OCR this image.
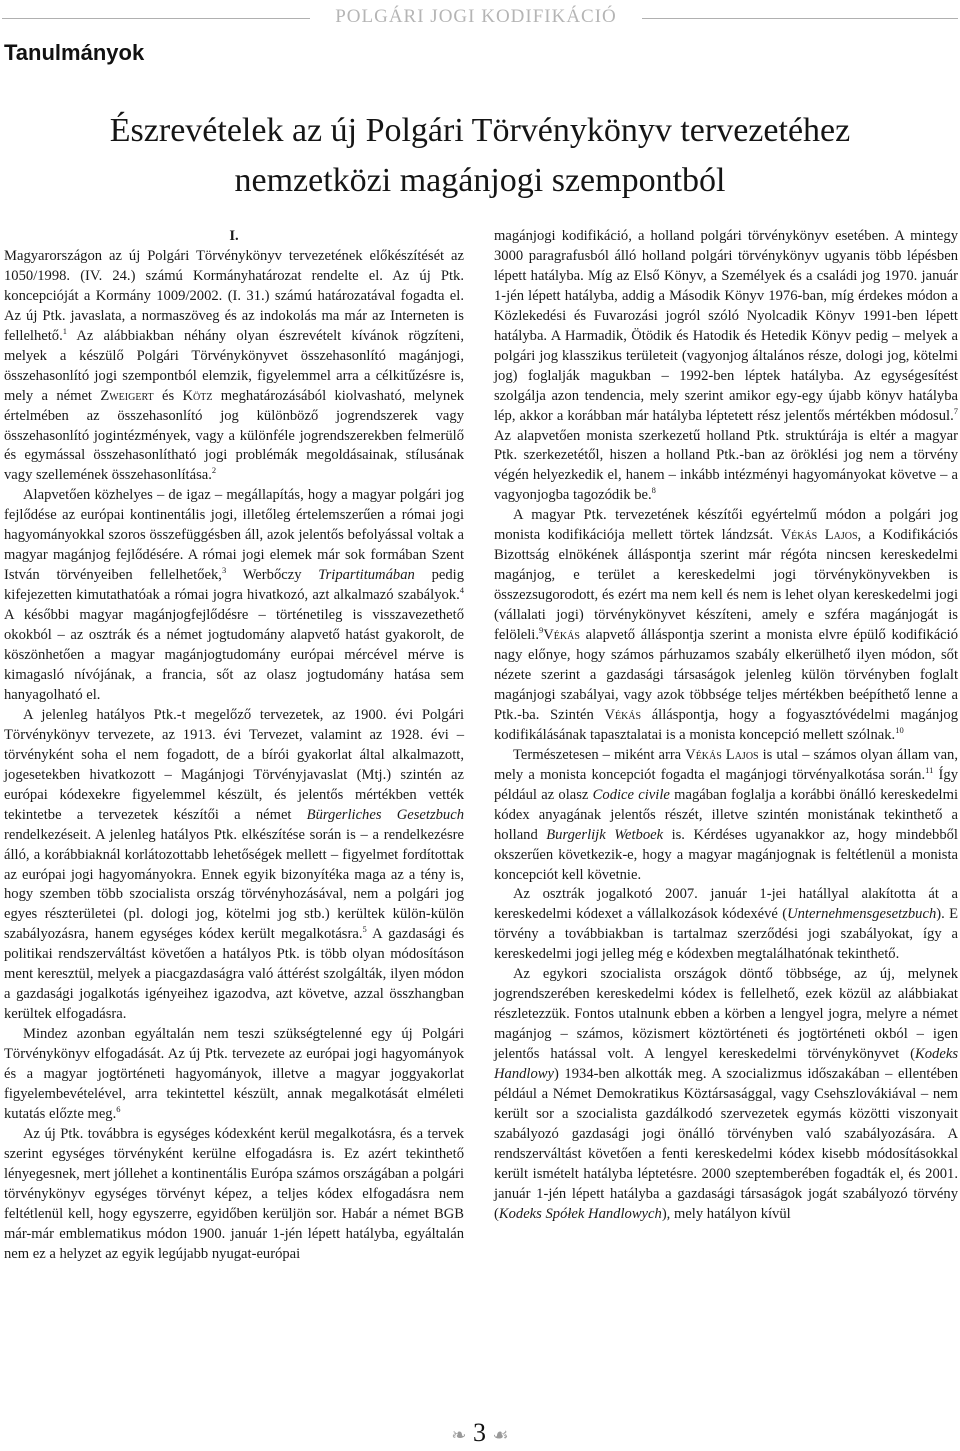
POLGÁRI JOGI KODIFIKÁCIÓ
Tanulmányok
Észrevételek az új Polgári Törvénykönyv tervezetéhez
nemzetközi magánjogi szempontból

I.

Magyarországon az új Polgári Törvénykönyv tervezetének előkészítését az 1050/1998. (IV. 24.) számú Kormányhatározat rendelte el. Az új Ptk. koncepcióját a Kormány 1009/2002. (I. 31.) számú határozatával fogadta el. Az új Ptk. javaslata, a normaszöveg és az indokolás ma már az Interneten is fellelhető.$^1$ Az alábbiakban néhány olyan észrevételt kívánok rögzíteni, melyek a készülő Polgári Törvénykönyvet összehasonlító magánjogi, összehasonlító jogi szempontból elemzik, figyelemmel arra a célkitűzésre is, mely a német Zweigert és Kötz meghatározásából kiolvasható, melynek értelmében az összehasonlító jog különböző jogrendszerek vagy összehasonlító jogintézmények, vagy a különféle jogrendszerekben felmerülő és egymással összehasonlítható jogi problémák megoldásainak, stílusának vagy szellemének összehasonlítása.$^2$

Alapvetően közhelyes – de igaz – megállapítás, hogy a magyar polgári jog fejlődése az európai kontinentális jogi, illetőleg értelemszerűen a római jogi hagyományokkal szoros összefüggésben áll, azok jelentős befolyással voltak a magyar magánjog fejlődésére. A római jogi elemek már sok formában Szent István törvényeiben fellelhetőek,$^3$ Werbőczy Tripartitumában pedig kifejezetten kimutathatóak a római jogra hivatkozó, azt alkalmazó szabályok.$^4$ A későbbi magyar magánjogfejlődésre – történetileg is visszavezethető okokból – az osztrák és a német jogtudomány alapvető hatást gyakorolt, de köszönhetően a magyar magánjogtudomány európai mércével mérve is kimagasló nívójának, a francia, sőt az olasz jogtudomány hatása sem hanyagolható el.

A jelenleg hatályos Ptk.-t megelőző tervezetek, az 1900. évi Polgári Törvénykönyv tervezete, az 1913. évi Tervezet, valamint az 1928. évi – törvényként soha el nem fogadott, de a bírói gyakorlat által alkalmazott, jogesetekben hivatkozott – Magánjogi Törvényjavaslat (Mtj.) szintén az európai kódexekre figyelemmel készült, és jelentős mértékben vették tekintetbe a tervezetek készítői a német Bürgerliches Gesetzbuch rendelkezéseit. A jelenleg hatályos Ptk. elkészítése során is – a rendelkezésre álló, a korábbiaknál korlátozottabb lehetőségek mellett – figyelmet fordítottak az európai jogi hagyományokra. Ennek egyik bizonyítéka maga az a tény is, hogy szemben több szocialista ország törvényhozásával, nem a polgári jog egyes részterületei (pl. dologi jog, kötelmi jog stb.) kerültek külön-külön szabályozásra, hanem egységes kódex került megalkotásra.$^5$ A gazdasági és politikai rendszerváltást követően a hatályos Ptk. is több olyan módosításon ment keresztül, melyek a piacgazdaságra való áttérést szolgálták, ilyen módon a gazdasági jogalkotás igényeihez igazodva, azt követve, azzal összhangban kerültek elfogadásra.

Mindez azonban egyáltalán nem teszi szükségtelenné egy új Polgári Törvénykönyv elfogadását. Az új Ptk. tervezete az európai jogi hagyományok és a magyar jogtörténeti hagyományok, illetve a magyar joggyakorlat figyelembevételével, arra tekintettel készült, annak megalkotását elméleti kutatás előzte meg.$^6$

Az új Ptk. továbbra is egységes kódexként kerül megalkotásra, és a tervek szerint egységes törvényként kerülne elfogadásra is. Ez azért tekinthető lényegesnek, mert jóllehet a kontinentális Európa számos országában a polgári törvénykönyv egységes törvényt képez, a teljes kódex elfogadásra nem feltétlenül kell, hogy egyszerre, egyidőben kerüljön sor. Habár a német BGB már-már emblematikus módon 1900. január 1-jén lépett hatályba, egyáltalán nem ez a helyzet az egyik legújabb nyugat-európai

magánjogi kodifikáció, a holland polgári törvénykönyv esetében. A mintegy 3000 paragrafusból álló holland polgári törvénykönyv ugyanis több lépésben lépett hatályba. Míg az Első Könyv, a Személyek és a családi jog 1970. január 1-jén lépett hatályba, addig a Második Könyv 1976-ban, míg érdekes módon a Közlekedési és Fuvarozási jogról szóló Nyolcadik Könyv 1991-ben lépett hatályba. A Harmadik, Ötödik és Hatodik és Hetedik Könyv pedig – melyek a polgári jog klasszikus területeit (vagyonjog általános része, dologi jog, kötelmi jog) foglalják magukban – 1992-ben léptek hatályba. Az egységesítést szolgálja azon tendencia, mely szerint amikor egy-egy újabb könyv hatályba lép, akkor a korábban már hatályba léptetett rész jelentős mértékben módosul.$^7$ Az alapvetően monista szerkezetű holland Ptk. struktúrája is eltér a magyar Ptk. szerkezetétől, hiszen a holland Ptk.-ban az öröklési jog nem a törvény végén helyezkedik el, hanem – inkább intézményi hagyományokat követve – a vagyonjogba tagozódik be.$^8$

A magyar Ptk. tervezetének készítői egyértelmű módon a polgári jog monista kodifikációja mellett törtek lándzsát. Vékás Lajos, a Kodifikációs Bizottság elnökének álláspontja szerint már régóta nincsen kereskedelmi magánjog, e terület a kereskedelmi jogi törvénykönyvekben is összezsugorodott, és ezért ma nem kell és nem is lehet olyan kereskedelmi jogi (vállalati jogi) törvénykönyvet készíteni, amely e szféra magánjogát is felölelі.$^9$Vékás alapvető álláspontja szerint a monista elvre épülő kodifikáció nagy előnye, hogy számos párhuzamos szabály elkerülhető ilyen módon, sőt nézete szerint a gazdasági társaságok jelenleg külön törvényben foglalt magánjogi szabályai, vagy azok többsége teljes mértékben beépíthető lenne a Ptk.-ba. Szintén Vékás álláspontja, hogy a fogyasztóvédelmi magánjog kodifikálásának tapasztalatai is a monista koncepció mellett szólnak.$^{10}$

Természetesen – miként arra Vékás Lajos is utal – számos olyan állam van, mely a monista koncepciót fogadta el magánjogi törvényalkotása során.$^{11}$ Így például az olasz Codice civile magában foglalja a korábbi önálló kereskedelmi kódex anyagának jelentős részét, illetve szintén monistának tekinthető a holland Burgerlijk Wetboek is. Kérdéses ugyanakkor az, hogy mindebből okszerűen következik-e, hogy a magyar magánjognak is feltétlenül a monista koncepciót kell követnie.

Az osztrák jogalkotó 2007. január 1-jei hatállyal alakította át a kereskedelmi kódexet a vállalkozások kódexévé (Unternehmensgesetzbuch). E törvény a továbbiakban is tartalmaz szerződési jogi szabályokat, így a kereskedelmi jogi jelleg még e kódexben megtalálhatónak tekinthető.

Az egykori szocialista országok döntő többsége, az új, melynek jogrendszerében kereskedelmi kódex is fellelhető, ezek közül az alábbiakat részletezzük. Fontos utalnunk ebben a körben a lengyel jogra, melyre a német magánjog – számos, közismert köztörténeti és jogtörténeti okból – igen jelentős hatással volt. A lengyel kereskedelmi törvénykönyvet (Kodeks Handlowy) 1934-ben alkották meg. A szocializmus időszakában – ellentében például a Német Demokratikus Köztársasággal, vagy Csehszlovákiával – nem került sor a szocialista gazdálkodó szervezetek egymás közötti viszonyait szabályozó gazdasági jogi önálló törvényben való szabályozására. A rendszerváltást követően a fenti kereskedelmi kódex kisebb módosításokkal került ismételt hatályba léptetésre. 2000 szeptemberében fogadták el, és 2001. január 1-jén lépett hatályba a gazdasági társaságok jogát szabályozó törvény (Kodeks Spółek Handlowych), mely hatályon kívül

❧ 3 ☙
